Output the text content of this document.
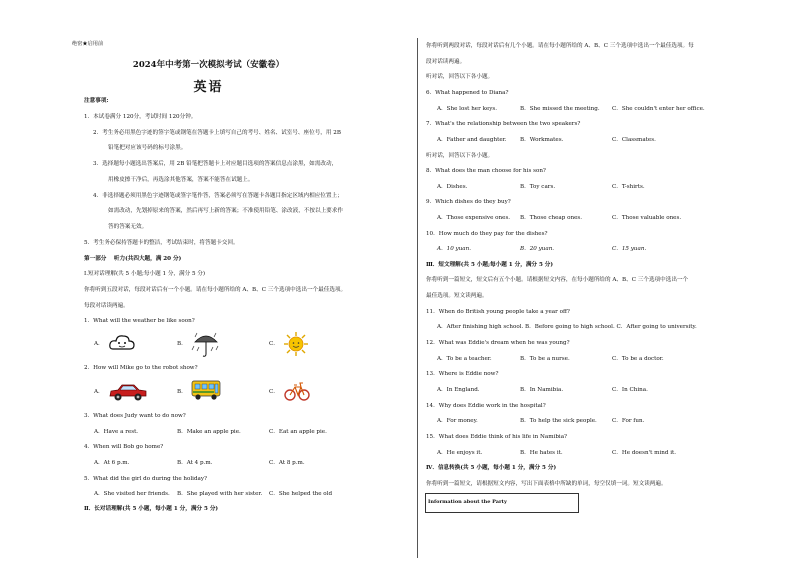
绝密★启用前
2024年中考第一次模拟考试（安徽卷）
英语
注意事项:
1．本试卷满分 120分，考试时间 120分钟。
2．考生务必用黑色字迹的签字笔或钢笔在答题卡上填写自己的考号、姓名、试室号、座位号，用 2B
铅笔把对应该号码的标号涂黑。
3．选择题每小题选出答案后，用 2B 铅笔把答题卡上对应题目选项的答案信息点涂黑，如需改动，
用橡皮擦干净后，再选涂其他答案，答案不能答在试题上。
4．非选择题必须用黑色字迹钢笔或签字笔作答，答案必须写在答题卡各题目指定区域内相应位置上；
如需改动，先划掉原来的答案，然后再写上新的答案；不准使用铅笔、涂改液，不按以上要求作
答的答案无效。
5．考生务必保持答题卡的整洁，考试结束时，将答题卡交回。
第一部分　 听力(共四大题，满 20 分)
Ⅰ.短对话理解(共 5 小题;每小题 1 分，满分 5 分)
你将听到五段对话，每段对话后有一个小题。请在每小题所给的 A、B、C 三个选项中选出一个最佳选项。
每段对话读两遍。
1．What will the weather be like soon?
A．	B．	C．
2．How will Mike go to the robot show?
A．	B．	C．
3．What does Judy want to do now?
A．Have a rest.	B．Make an apple pie.	C．Eat an apple pie.
4．When will Bob go home?
A．At 6 p.m.	B．At 4 p.m.	C．At 8 p.m.
5．What did the girl do during the holiday?
A．She visited her friends. B．She played with her sister. C．She helped the old
Ⅱ．长对话理解(共 5 小题，每小题 1 分，满分 5 分)
你将听到两段对话，每段对话后有几个小题。请在每小题所给的 A、B、C 三个选项中选出一个最佳选项。每
段对话读两遍。
听对话，回答以下各小题。
6．What happened to Diana?
A．She lost her keys.	B．She missed the meeting. C．She couldn't enter her office.
7．What's the relationship between the two speakers?
A．Father and daughter. B．Workmates.	C．Classmates.
听对话，回答以下各小题。
8．What does the man choose for his son?
A．Dishes.	B．Toy cars.	C．T-shirts.
9．Which dishes do they buy?
A．Those expensive ones. B．Those cheap ones.	C．Those valuable ones.
10．How much do they pay for the dishes?
A．10 yuan.	B．20 yuan.	C．15 yuan.
Ⅲ．短文理解(共 5 小题;每小题 1 分，满分 5 分)
你将听到一篇短文，短文后有五个小题。请根据短文内容，在每小题所给的 A、B、C 三个选项中选出一个
最佳选项。短文读两遍。
11．When do British young people take a year off?
A．After finishing high school. B．Before going to high school. C．After going to university.
12．What was Eddie's dream when he was young?
A．To be a teacher.	B．To be a nurse.	C．To be a doctor.
13．Where is Eddie now?
A．In England.	B．In Namibia.	C．In China.
14．Why does Eddie work in the hospital?
A．For money.	B．To help the sick people.	C．For fun.
15．What does Eddie think of his life in Namibia?
A．He enjoys it.	B．He hates it.	C．He doesn't mind it.
Ⅳ．信息转换(共 5 小题，每小题 1 分，满分 5 分)
你将听到一篇短文，请根据短文内容，写出下面表格中所缺的单词，每空仅填一词。短文读两遍。
Information about the Party
